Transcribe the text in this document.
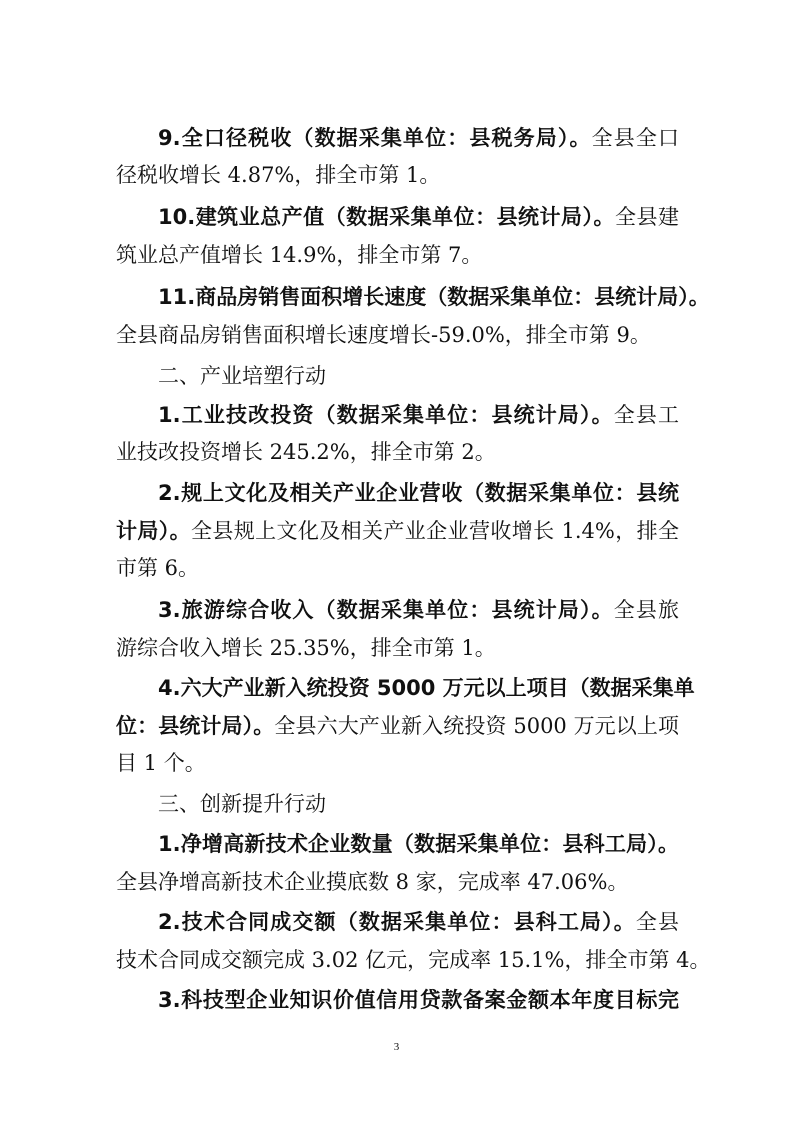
9.全口径税收（数据采集单位：县税务局）。全县全口
径税收增长 4.87%，排全市第 1。
10.建筑业总产值（数据采集单位：县统计局）。全县建
筑业总产值增长 14.9%，排全市第 7。
11.商品房销售面积增长速度（数据采集单位：县统计局）。
全县商品房销售面积增长速度增长-59.0%，排全市第 9。
二、产业培塑行动
1.工业技改投资（数据采集单位：县统计局）。全县工
业技改投资增长 245.2%，排全市第 2。
2.规上文化及相关产业企业营收（数据采集单位：县统
计局）。全县规上文化及相关产业企业营收增长 1.4%，排全
市第 6。
3.旅游综合收入（数据采集单位：县统计局）。全县旅
游综合收入增长 25.35%，排全市第 1。
4.六大产业新入统投资 5000 万元以上项目（数据采集单
位：县统计局）。全县六大产业新入统投资 5000 万元以上项
目 1 个。
三、创新提升行动
1.净增高新技术企业数量（数据采集单位：县科工局）。
全县净增高新技术企业摸底数 8 家，完成率 47.06%。
2.技术合同成交额（数据采集单位：县科工局）。全县
技术合同成交额完成 3.02 亿元，完成率 15.1%，排全市第 4。
3.科技型企业知识价值信用贷款备案金额本年度目标完
3
